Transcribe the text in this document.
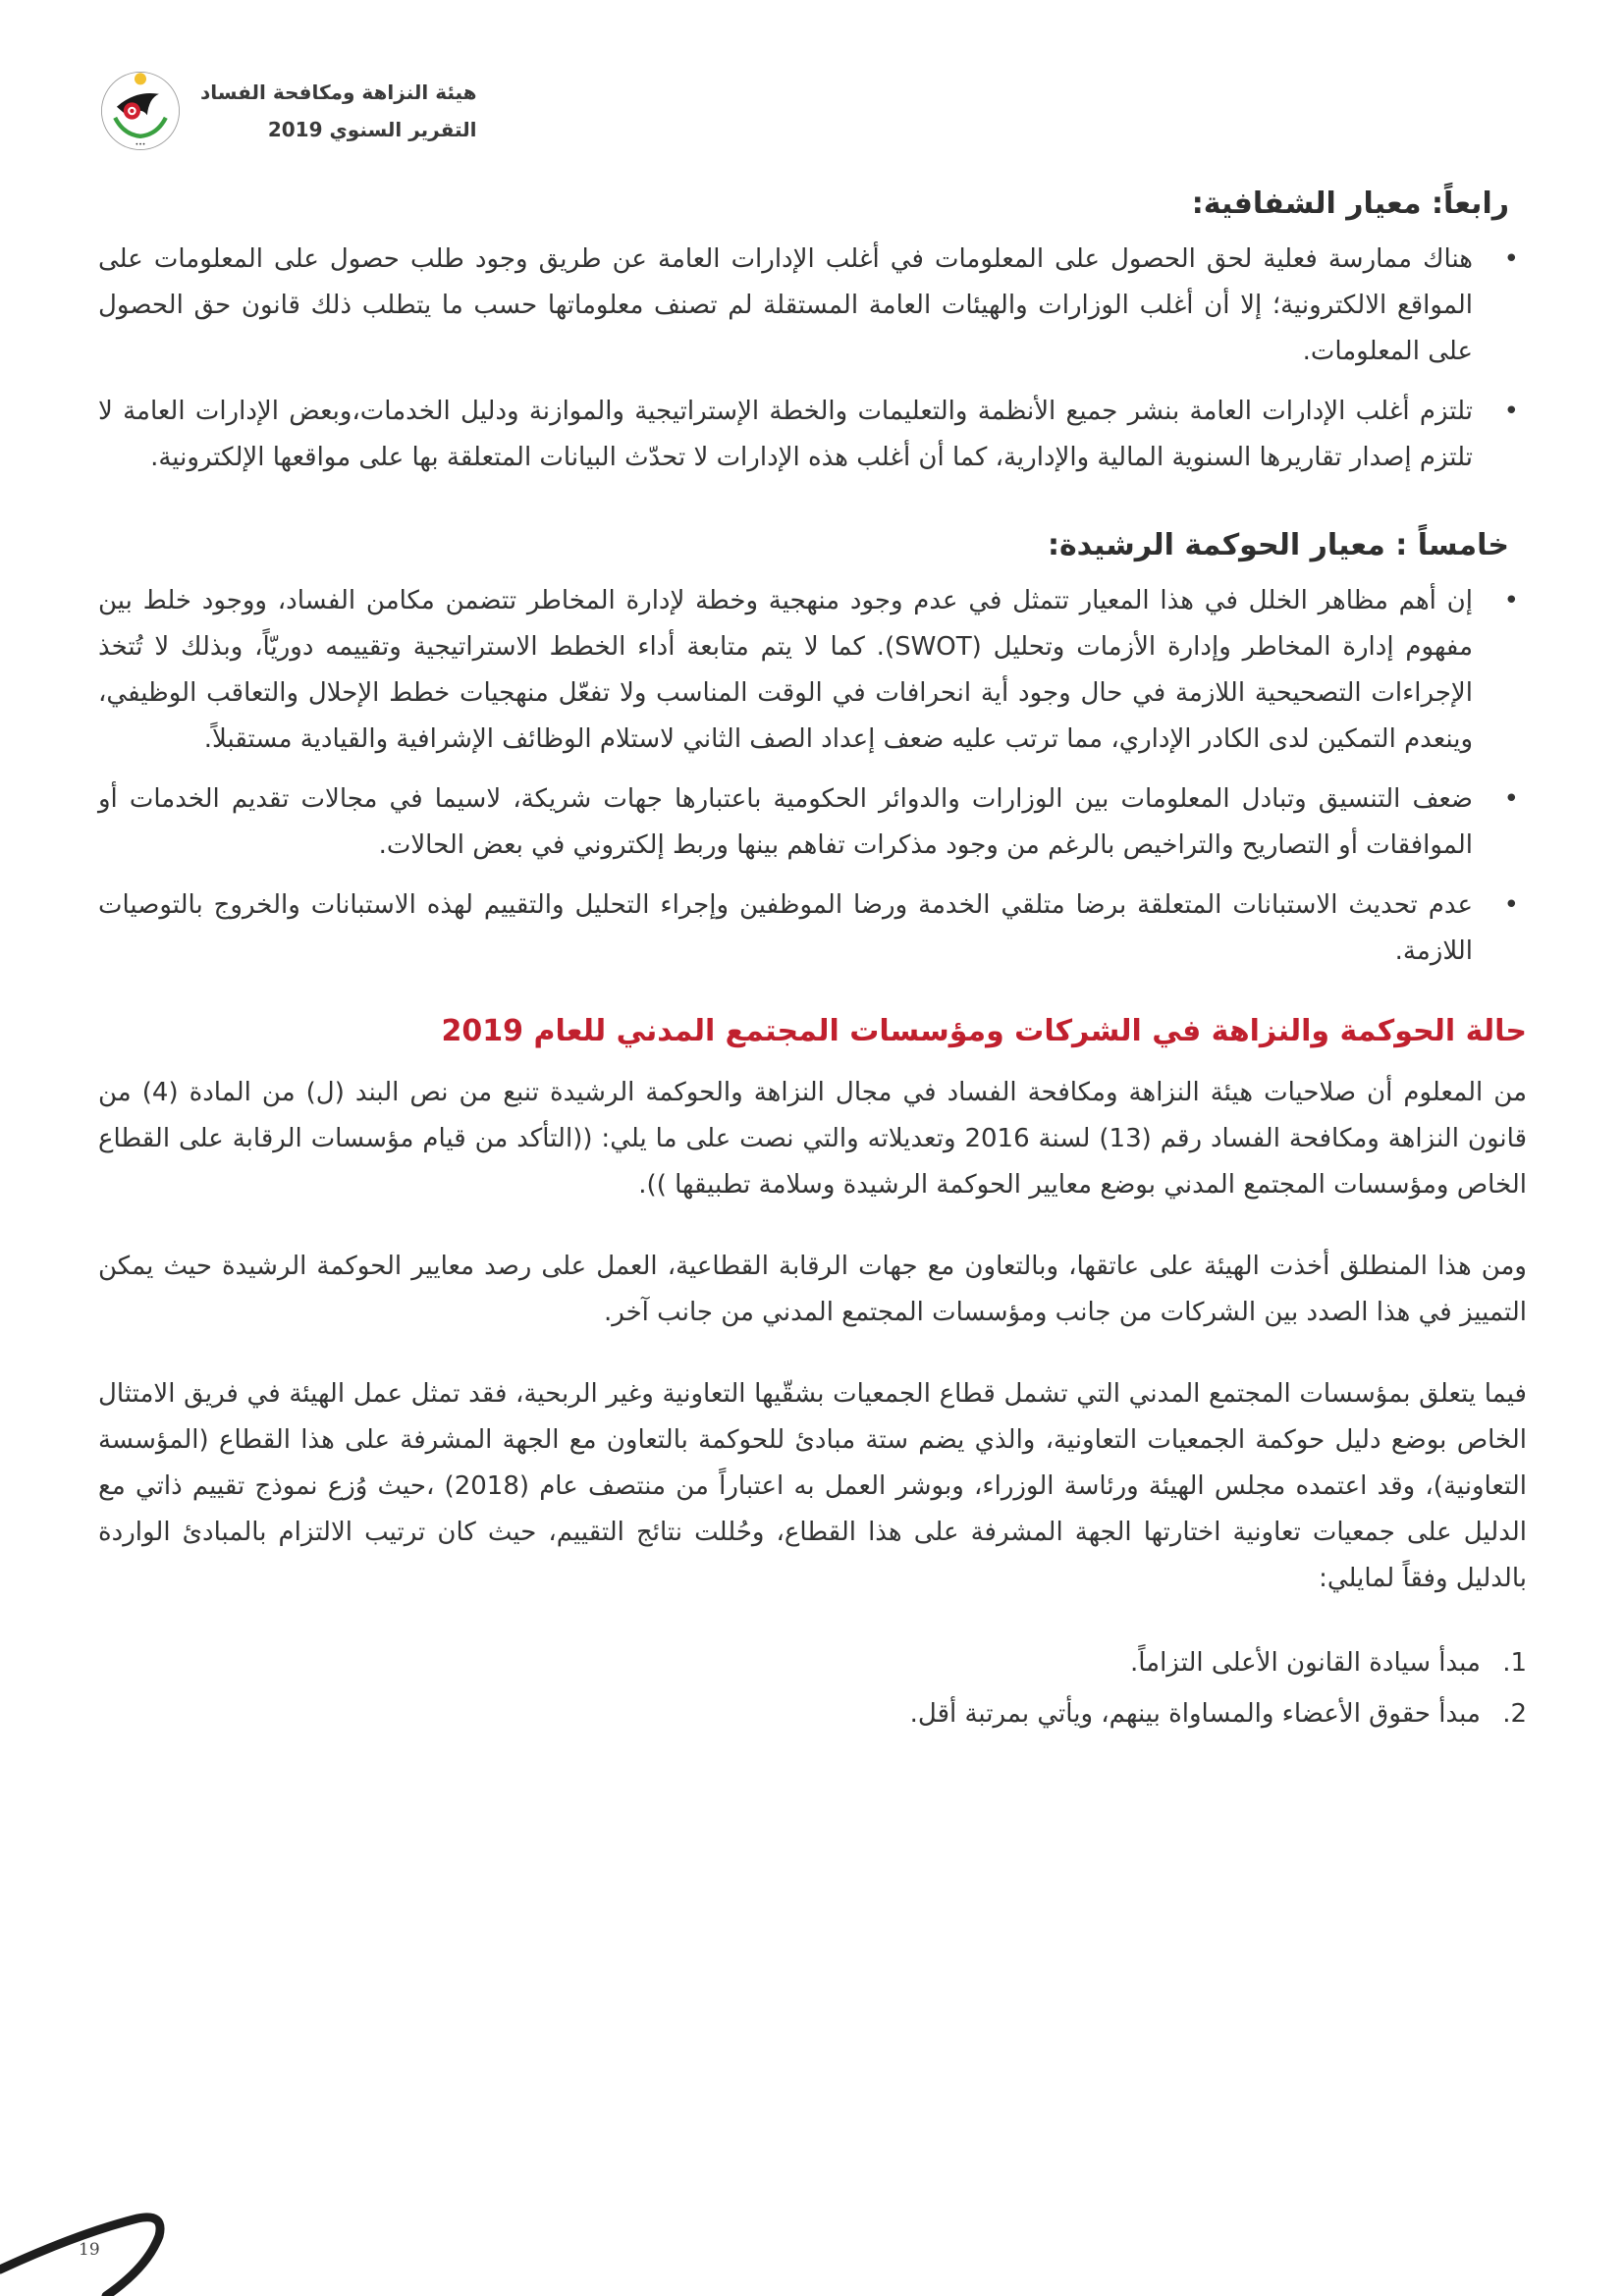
•••
هيئة النزاهة ومكافحة الفساد
التقرير السنوي 2019
رابعاً: معيار الشفافية:
• هناك ممارسة فعلية لحق الحصول على المعلومات في أغلب الإدارات العامة عن طريق وجود طلب حصول على المعلومات على المواقع الالكترونية؛ إلا أن أغلب الوزارات والهيئات العامة المستقلة لم تصنف معلوماتها حسب ما يتطلب ذلك قانون حق الحصول على المعلومات.
• تلتزم أغلب الإدارات العامة بنشر جميع الأنظمة والتعليمات والخطة الإستراتيجية والموازنة ودليل الخدمات،وبعض الإدارات العامة لا تلتزم إصدار تقاريرها السنوية المالية والإدارية، كما أن أغلب هذه الإدارات لا تحدّث البيانات المتعلقة بها على مواقعها الإلكترونية.
خامساً : معيار الحوكمة الرشيدة:
• إن أهم مظاهر الخلل في هذا المعيار تتمثل في عدم وجود منهجية وخطة لإدارة المخاطر تتضمن مكامن الفساد، ووجود خلط بين مفهوم إدارة المخاطر وإدارة الأزمات وتحليل (SWOT). كما لا يتم متابعة أداء الخطط الاستراتيجية وتقييمه دوريّاً، وبذلك لا تُتخذ الإجراءات التصحيحية اللازمة في حال وجود أية انحرافات في الوقت المناسب ولا تفعّل منهجيات خطط الإحلال والتعاقب الوظيفي، وينعدم التمكين لدى الكادر الإداري، مما ترتب عليه ضعف إعداد الصف الثاني لاستلام الوظائف الإشرافية والقيادية مستقبلاً.
• ضعف التنسيق وتبادل المعلومات بين الوزارات والدوائر الحكومية باعتبارها جهات شريكة، لاسيما في مجالات تقديم الخدمات أو الموافقات أو التصاريح والتراخيص بالرغم من وجود مذكرات تفاهم بينها وربط إلكتروني في بعض الحالات.
• عدم تحديث الاستبانات المتعلقة برضا متلقي الخدمة ورضا الموظفين وإجراء التحليل والتقييم لهذه الاستبانات والخروج بالتوصيات اللازمة.
حالة الحوكمة والنزاهة في الشركات ومؤسسات المجتمع المدني للعام 2019

من المعلوم أن صلاحيات هيئة النزاهة ومكافحة الفساد في مجال النزاهة والحوكمة الرشيدة تنبع من نص البند (ل) من المادة (4) من قانون النزاهة ومكافحة الفساد رقم (13) لسنة 2016 وتعديلاته والتي نصت على ما يلي: ((التأكد من قيام مؤسسات الرقابة على القطاع الخاص ومؤسسات المجتمع المدني بوضع معايير الحوكمة الرشيدة وسلامة تطبيقها )).

ومن هذا المنطلق أخذت الهيئة على عاتقها، وبالتعاون مع جهات الرقابة القطاعية، العمل على رصد معايير الحوكمة الرشيدة حيث يمكن التمييز في هذا الصدد بين الشركات من جانب ومؤسسات المجتمع المدني من جانب آخر.

فيما يتعلق بمؤسسات المجتمع المدني التي تشمل قطاع الجمعيات بشقّيها التعاونية وغير الربحية، فقد تمثل عمل الهيئة في فريق الامتثال الخاص بوضع دليل حوكمة الجمعيات التعاونية، والذي يضم ستة مبادئ للحوكمة بالتعاون مع الجهة المشرفة على هذا القطاع (المؤسسة التعاونية)، وقد اعتمده مجلس الهيئة ورئاسة الوزراء، وبوشر العمل به اعتباراً من منتصف عام (2018) ،حيث وُزع نموذج تقييم ذاتي مع الدليل على جمعيات تعاونية اختارتها الجهة المشرفة على هذا القطاع، وحُللت نتائج التقييم، حيث كان ترتيب الالتزام بالمبادئ الواردة بالدليل وفقاً لمايلي:

1. مبدأ سيادة القانون الأعلى التزاماً.
2. مبدأ حقوق الأعضاء والمساواة بينهم، ويأتي بمرتبة أقل.
19
